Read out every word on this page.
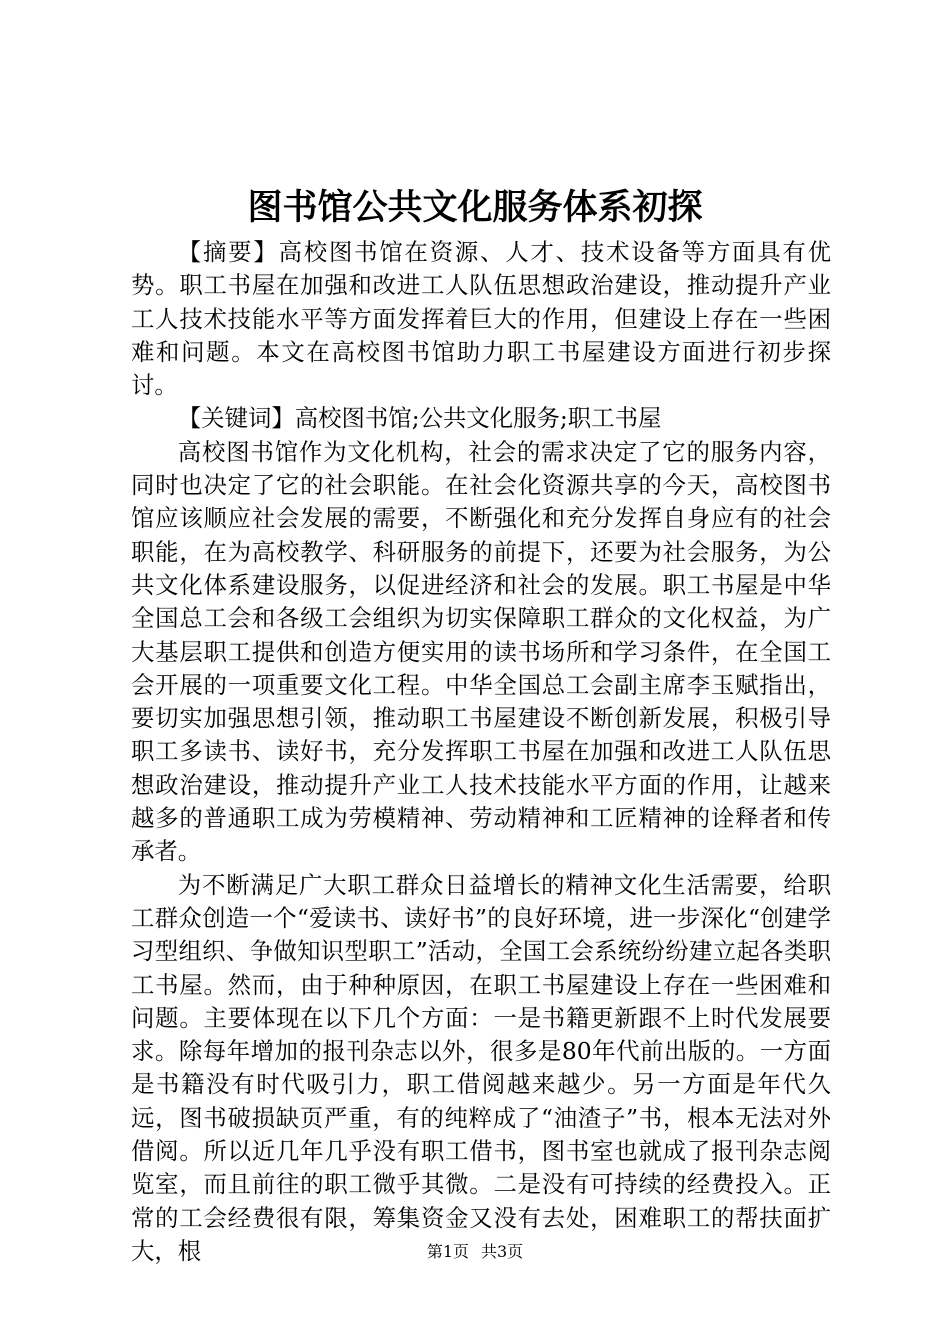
图书馆公共文化服务体系初探

【摘要】高校图书馆在资源、人才、技术设备等方面具有优势。职工书屋在加强和改进工人队伍思想政治建设，推动提升产业工人技术技能水平等方面发挥着巨大的作用，但建设上存在一些困难和问题。本文在高校图书馆助力职工书屋建设方面进行初步探讨。

【关键词】高校图书馆;公共文化服务;职工书屋

高校图书馆作为文化机构，社会的需求决定了它的服务内容，同时也决定了它的社会职能。在社会化资源共享的今天，高校图书馆应该顺应社会发展的需要，不断强化和充分发挥自身应有的社会职能，在为高校教学、科研服务的前提下，还要为社会服务，为公共文化体系建设服务，以促进经济和社会的发展。职工书屋是中华全国总工会和各级工会组织为切实保障职工群众的文化权益，为广大基层职工提供和创造方便实用的读书场所和学习条件，在全国工会开展的一项重要文化工程。中华全国总工会副主席李玉赋指出，要切实加强思想引领，推动职工书屋建设不断创新发展，积极引导职工多读书、读好书，充分发挥职工书屋在加强和改进工人队伍思想政治建设，推动提升产业工人技术技能水平方面的作用，让越来越多的普通职工成为劳模精神、劳动精神和工匠精神的诠释者和传承者。

为不断满足广大职工群众日益增长的精神文化生活需要，给职工群众创造一个“爱读书、读好书”的良好环境，进一步深化“创建学习型组织、争做知识型职工”活动，全国工会系统纷纷建立起各类职工书屋。然而，由于种种原因，在职工书屋建设上存在一些困难和问题。主要体现在以下几个方面：一是书籍更新跟不上时代发展要求。除每年增加的报刊杂志以外，很多是80年代前出版的。一方面是书籍没有时代吸引力，职工借阅越来越少。另一方面是年代久远，图书破损缺页严重，有的纯粹成了“油渣子”书，根本无法对外借阅。所以近几年几乎没有职工借书，图书室也就成了报刊杂志阅览室，而且前往的职工微乎其微。二是没有可持续的经费投入。正常的工会经费很有限，筹集资金又没有去处，困难职工的帮扶面扩大，根	第1页 共3页
